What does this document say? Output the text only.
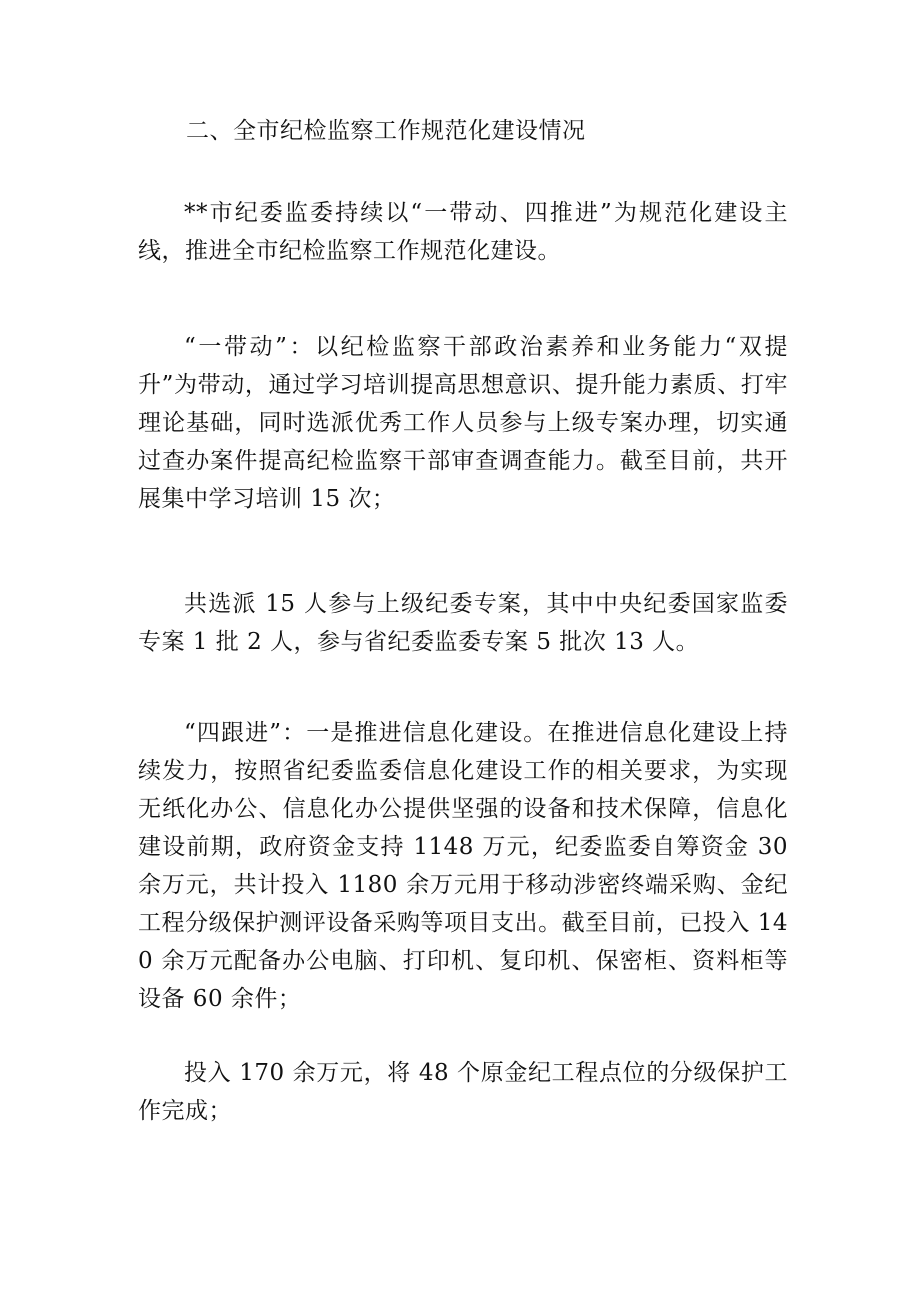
二、全市纪检监察工作规范化建设情况
**市纪委监委持续以“一带动、四推进”为规范化建设主线，推进全市纪检监察工作规范化建设。
“一带动”：以纪检监察干部政治素养和业务能力“双提升”为带动，通过学习培训提高思想意识、提升能力素质、打牢理论基础，同时选派优秀工作人员参与上级专案办理，切实通过查办案件提高纪检监察干部审查调查能力。截至目前，共开展集中学习培训 15 次；
共选派 15 人参与上级纪委专案，其中中央纪委国家监委专案 1 批 2 人，参与省纪委监委专案 5 批次 13 人。
“四跟进”：一是推进信息化建设。在推进信息化建设上持续发力，按照省纪委监委信息化建设工作的相关要求，为实现无纸化办公、信息化办公提供坚强的设备和技术保障，信息化建设前期，政府资金支持 1148 万元，纪委监委自筹资金 30 余万元，共计投入 1180 余万元用于移动涉密终端采购、金纪工程分级保护测评设备采购等项目支出。截至目前，已投入 140 余万元配备办公电脑、打印机、复印机、保密柜、资料柜等设备 60 余件；
投入 170 余万元，将 48 个原金纪工程点位的分级保护工作完成；
